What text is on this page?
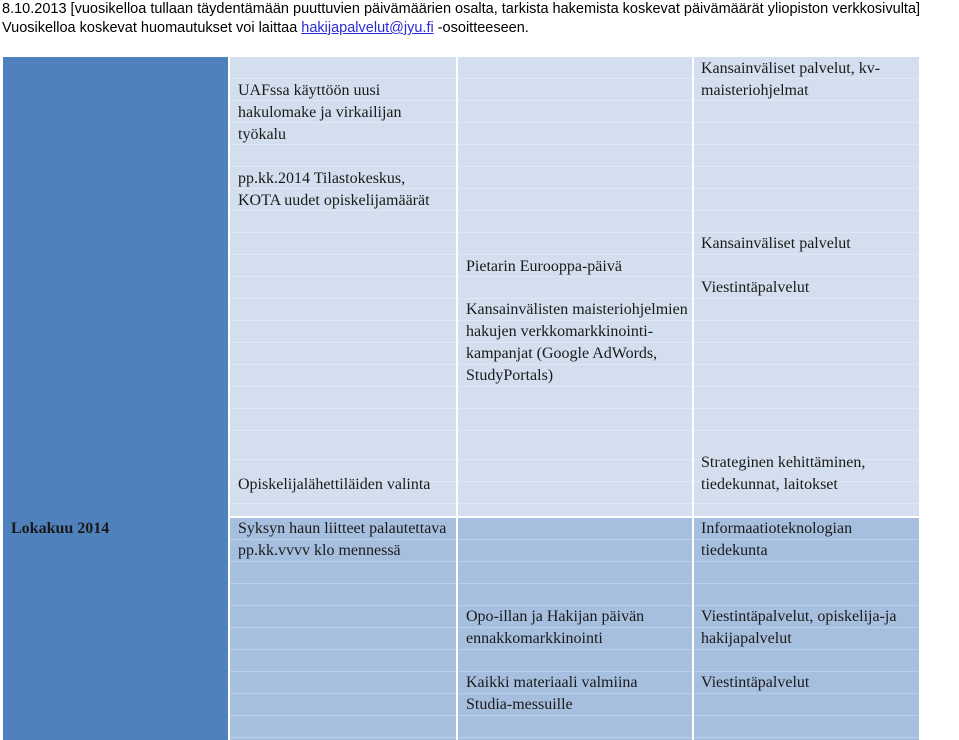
8.10.2013 [vuosikelloa tullaan täydentämään puuttuvien päivämäärien osalta, tarkista hakemista koskevat päivämäärät yliopiston verkkosivulta]
Vuosikelloa koskevat huomautukset voi laittaa hakijapalvelut@jyu.fi -osoitteeseen.
UAFssa käyttöön uusi hakulomake ja virkailijan työkalu
pp.kk.2014 Tilastokeskus, KOTA uudet opiskelijamäärät
Pietarin Eurooppa-päivä
Kansainvälisten maisteriohjelmien hakujen verkkomarkkinointi-kampanjat (Google AdWords, StudyPortals)
Kansainväliset palvelut, kv-maisteriohjelmat
Kansainväliset palvelut
Viestintäpalvelut
Lokakuu 2014
Opiskelijalähettiläiden valinta
Syksyn haun liitteet palautettava pp.kk.vvvv klo mennessä
Opo-illan ja Hakijan päivän ennakkomarkkinointi
Kaikki materiaali valmiina Studia-messuille
Strateginen kehittäminen, tiedekunnat, laitokset
Informaatioteknologian tiedekunta
Viestintäpalvelut, opiskelija-ja hakijapalvelut
Viestintäpalvelut
